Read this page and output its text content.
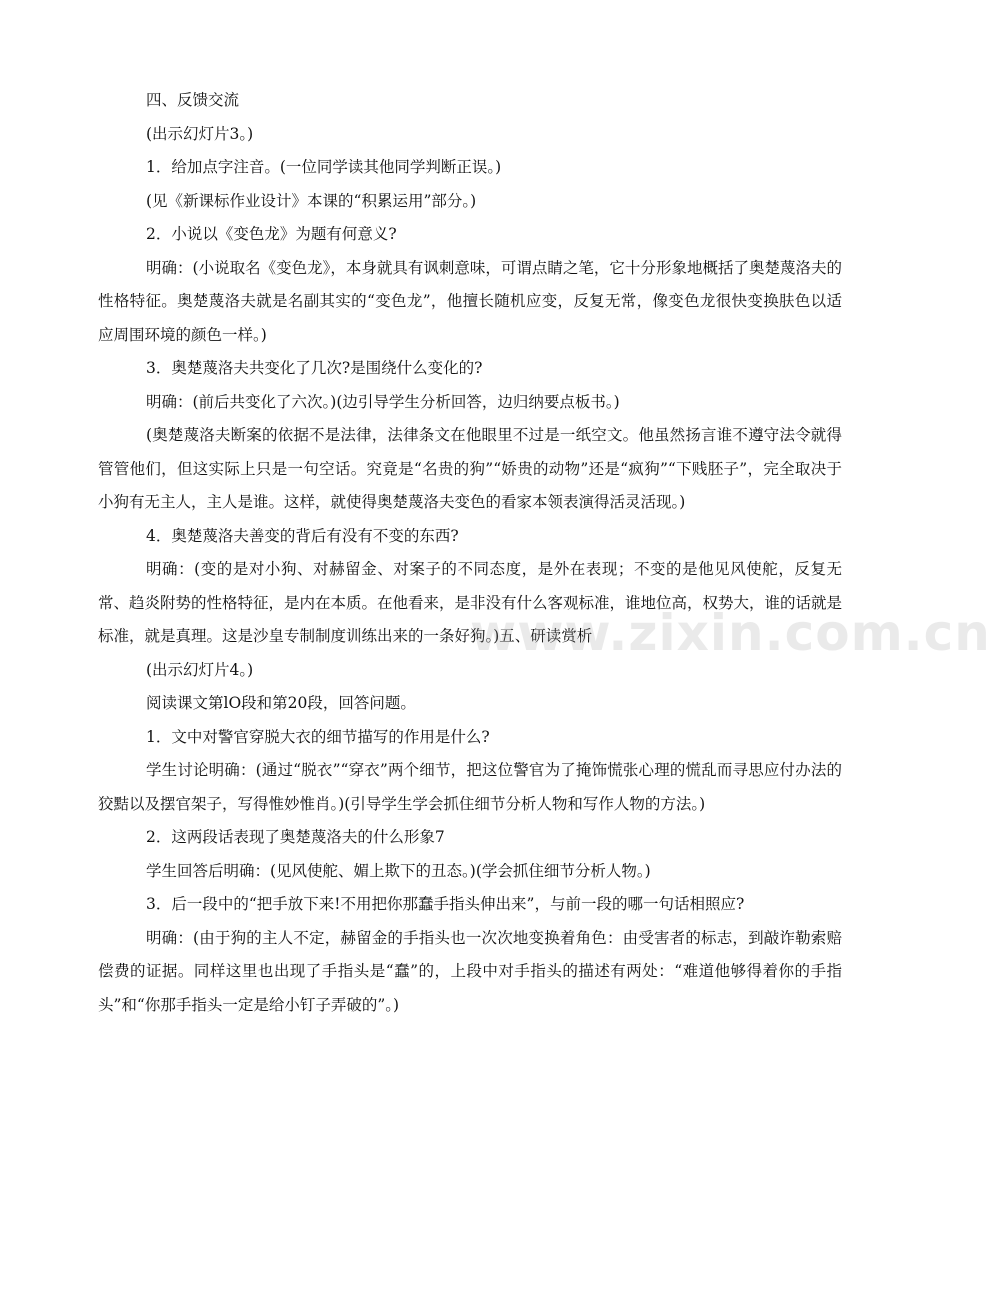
四、反馈交流

(出示幻灯片3。)

1．给加点字注音。(一位同学读其他同学判断正误。)

(见《新课标作业设计》本课的“积累运用”部分。)

2．小说以《变色龙》为题有何意义?

明确：(小说取名《变色龙》，本身就具有讽刺意味，可谓点睛之笔，它十分形象地概括了奥楚蔑洛夫的性格特征。奥楚蔑洛夫就是名副其实的“变色龙”，他擅长随机应变，反复无常，像变色龙很快变换肤色以适应周围环境的颜色一样。)

3．奥楚蔑洛夫共变化了几次?是围绕什么变化的?

明确：(前后共变化了六次。)(边引导学生分析回答，边归纳要点板书。)

(奥楚蔑洛夫断案的依据不是法律，法律条文在他眼里不过是一纸空文。他虽然扬言谁不遵守法令就得管管他们，但这实际上只是一句空话。究竟是“名贵的狗”“娇贵的动物”还是“疯狗”“下贱胚子”，完全取决于小狗有无主人，主人是谁。这样，就使得奥楚蔑洛夫变色的看家本领表演得活灵活现。)

4．奥楚蔑洛夫善变的背后有没有不变的东西?

明确：(变的是对小狗、对赫留金、对案子的不同态度，是外在表现；不变的是他见风使舵，反复无常、趋炎附势的性格特征，是内在本质。在他看来，是非没有什么客观标准，谁地位高，权势大，谁的话就是标准，就是真理。这是沙皇专制制度训练出来的一条好狗。)五、研读赏析

(出示幻灯片4。)

阅读课文第lO段和第20段，回答问题。

1．文中对警官穿脱大衣的细节描写的作用是什么?

学生讨论明确：(通过“脱衣”“穿衣”两个细节，把这位警官为了掩饰慌张心理的慌乱而寻思应付办法的狡黠以及摆官架子，写得惟妙惟肖。)(引导学生学会抓住细节分析人物和写作人物的方法。)

2．这两段话表现了奥楚蔑洛夫的什么形象7

学生回答后明确：(见风使舵、媚上欺下的丑态。)(学会抓住细节分析人物。)

3．后一段中的“把手放下来!不用把你那蠢手指头伸出来”，与前一段的哪一句话相照应?

明确：(由于狗的主人不定，赫留金的手指头也一次次地变换着角色：由受害者的标志，到敲诈勒索赔偿费的证据。同样这里也出现了手指头是“蠢”的，上段中对手指头的描述有两处：“难道他够得着你的手指头”和“你那手指头一定是给小钉子弄破的”。)

www.zixin.com.cn
